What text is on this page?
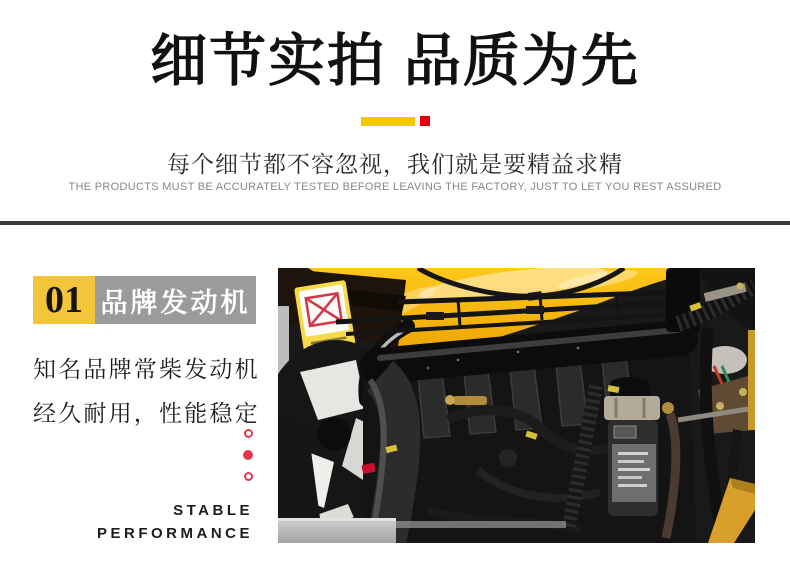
细节实拍 品质为先
每个细节都不容忽视，我们就是要精益求精
THE PRODUCTS MUST BE ACCURATELY TESTED BEFORE LEAVING THE FACTORY, JUST TO LET YOU REST ASSURED
01 品牌发动机
知名品牌常柴发动机
经久耐用，性能稳定
STABLE
PERFORMANCE
